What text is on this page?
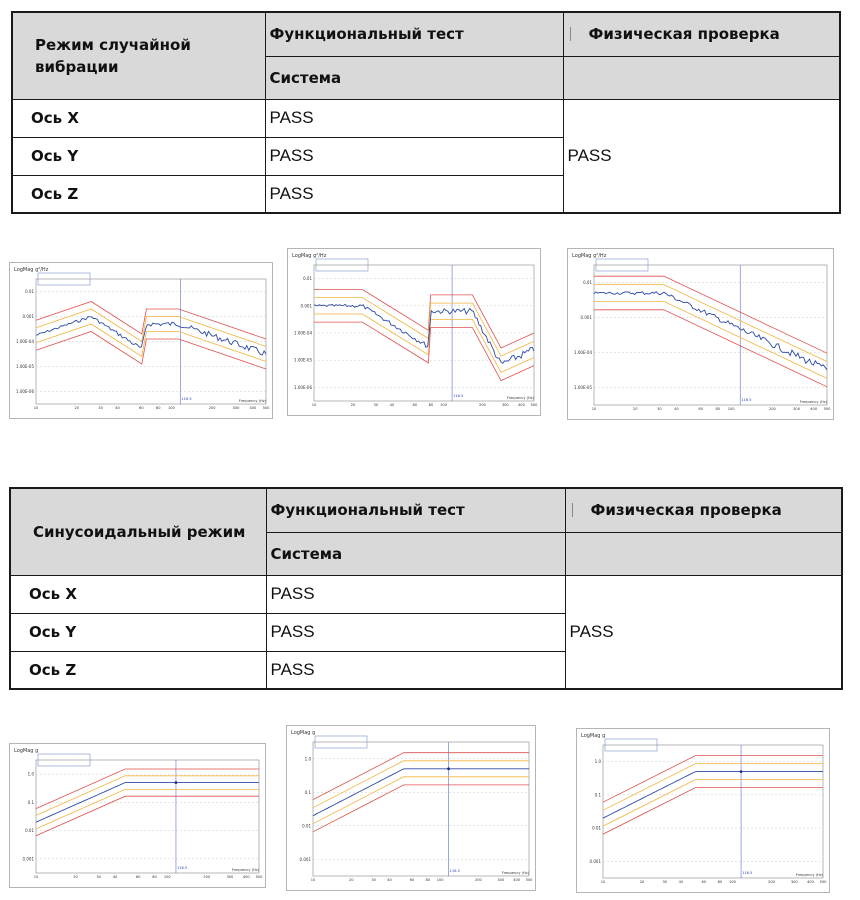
Режим случайной вибрации	Функциональный тест	Физическая проверка
	Система	
Ось X	PASS	PASS
Ось Y	PASS	
Ось Z	PASS	
Синусоидальный режим	Функциональный тест	Физическая проверка
	Система	
Ось X	PASS	PASS
Ось Y	PASS	
Ось Z	PASS	
LogMag g²/Hz
0.01
0.001
1.00E-04
1.00E-05
1.00E-06
10	20	30	40	60	80 100	200	300	400 500
Frequency (Hz)
116.5
LogMag g²/Hz
0.01
0.001
1.00E-04
1.00E-05
1.00E-06
10	20	30	40	60	80 100	200	300	400 500
Frequency (Hz)
116.5
LogMag g²/Hz
0.01
0.001
1.00E-04
1.00E-05
10	20	30	40	60	80 100	200	300	400 500
Frequency (Hz)
116.5
LogMag g
1.0
0.1
0.01
0.001
10	20	30	40	60	80 100	200	300	400 500
Frequency (Hz)
116.5
LogMag g
1.0
0.1
0.01
0.001
10	20	30	40	60	80 100	200	300	400 500
Frequency (Hz)
116.5
LogMag g
1.0
0.1
0.01
0.001
10	20	30	40	60	80 100	200	300	400 500
Frequency (Hz)
116.5
